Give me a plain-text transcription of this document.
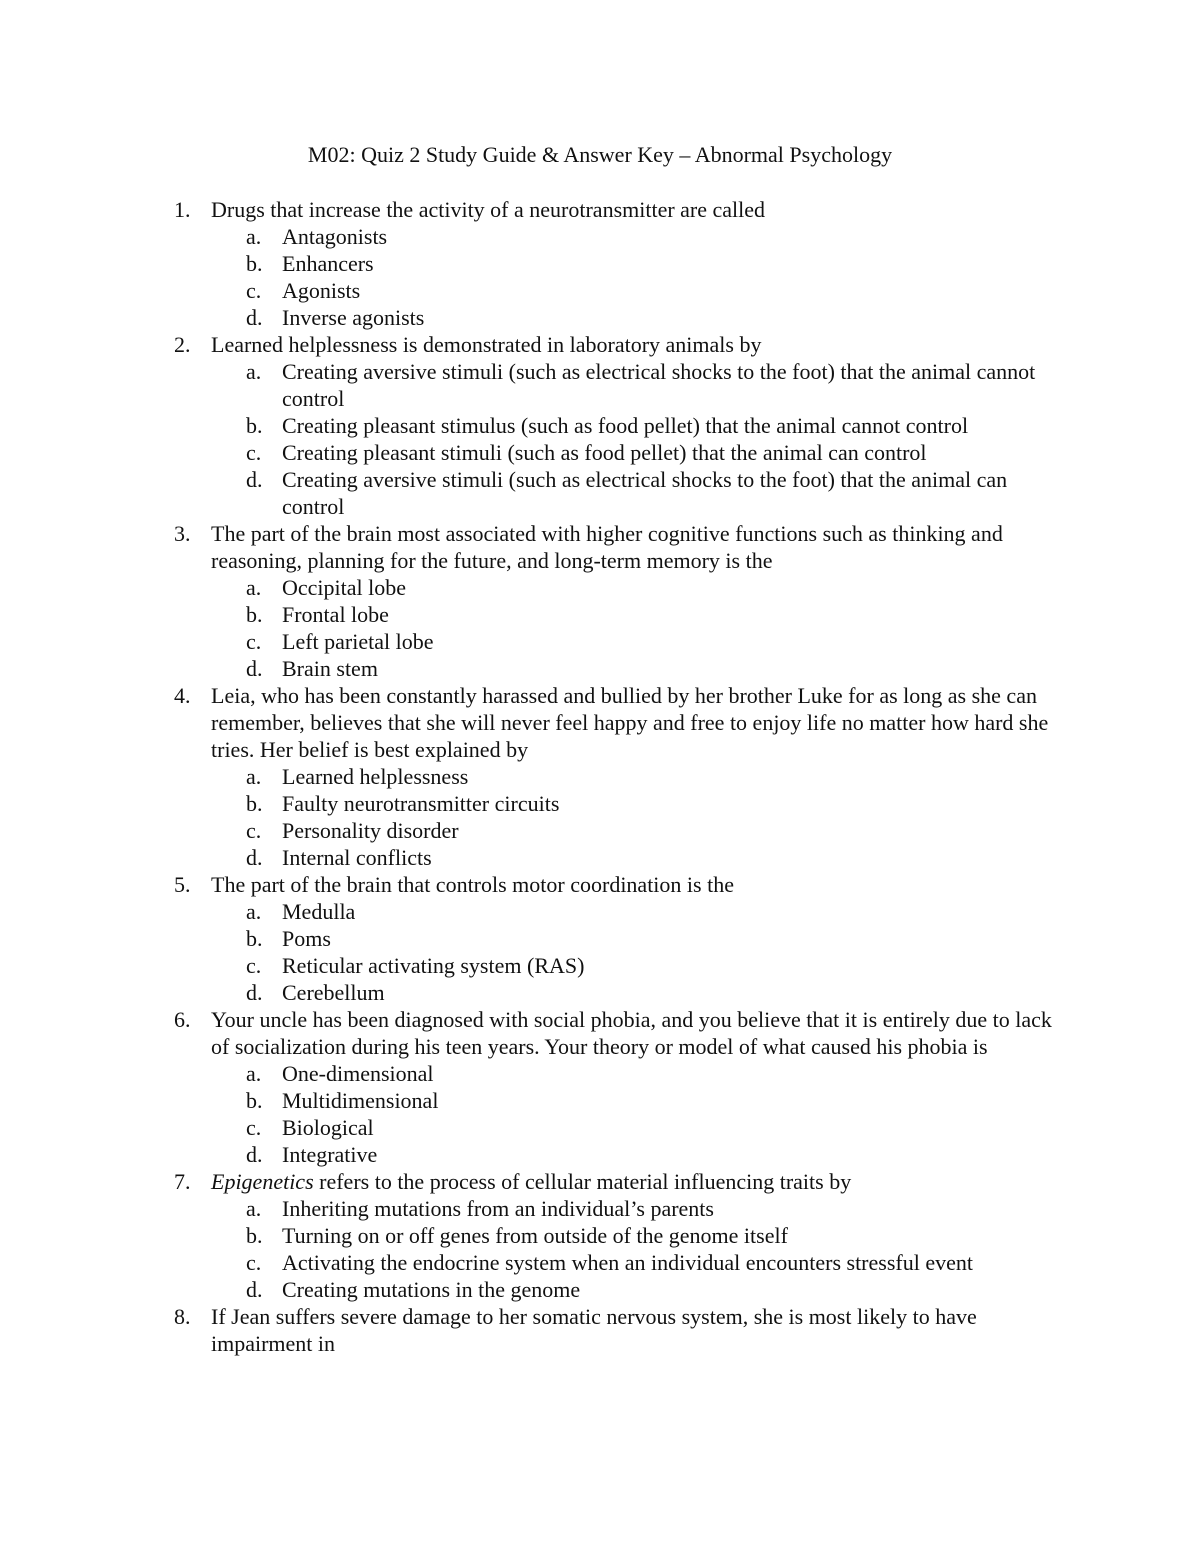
M02: Quiz 2 Study Guide & Answer Key – Abnormal Psychology
1. Drugs that increase the activity of a neurotransmitter are called
a. Antagonists
b. Enhancers
c. Agonists
d. Inverse agonists
2. Learned helplessness is demonstrated in laboratory animals by
a. Creating aversive stimuli (such as electrical shocks to the foot) that the animal cannot control
b. Creating pleasant stimulus (such as food pellet) that the animal cannot control
c. Creating pleasant stimuli (such as food pellet) that the animal can control
d. Creating aversive stimuli (such as electrical shocks to the foot) that the animal can control
3. The part of the brain most associated with higher cognitive functions such as thinking and reasoning, planning for the future, and long-term memory is the
a. Occipital lobe
b. Frontal lobe
c. Left parietal lobe
d. Brain stem
4. Leia, who has been constantly harassed and bullied by her brother Luke for as long as she can remember, believes that she will never feel happy and free to enjoy life no matter how hard she tries. Her belief is best explained by
a. Learned helplessness
b. Faulty neurotransmitter circuits
c. Personality disorder
d. Internal conflicts
5. The part of the brain that controls motor coordination is the
a. Medulla
b. Poms
c. Reticular activating system (RAS)
d. Cerebellum
6. Your uncle has been diagnosed with social phobia, and you believe that it is entirely due to lack of socialization during his teen years. Your theory or model of what caused his phobia is
a. One-dimensional
b. Multidimensional
c. Biological
d. Integrative
7. Epigenetics refers to the process of cellular material influencing traits by
a. Inheriting mutations from an individual’s parents
b. Turning on or off genes from outside of the genome itself
c. Activating the endocrine system when an individual encounters stressful event
d. Creating mutations in the genome
8. If Jean suffers severe damage to her somatic nervous system, she is most likely to have impairment in
